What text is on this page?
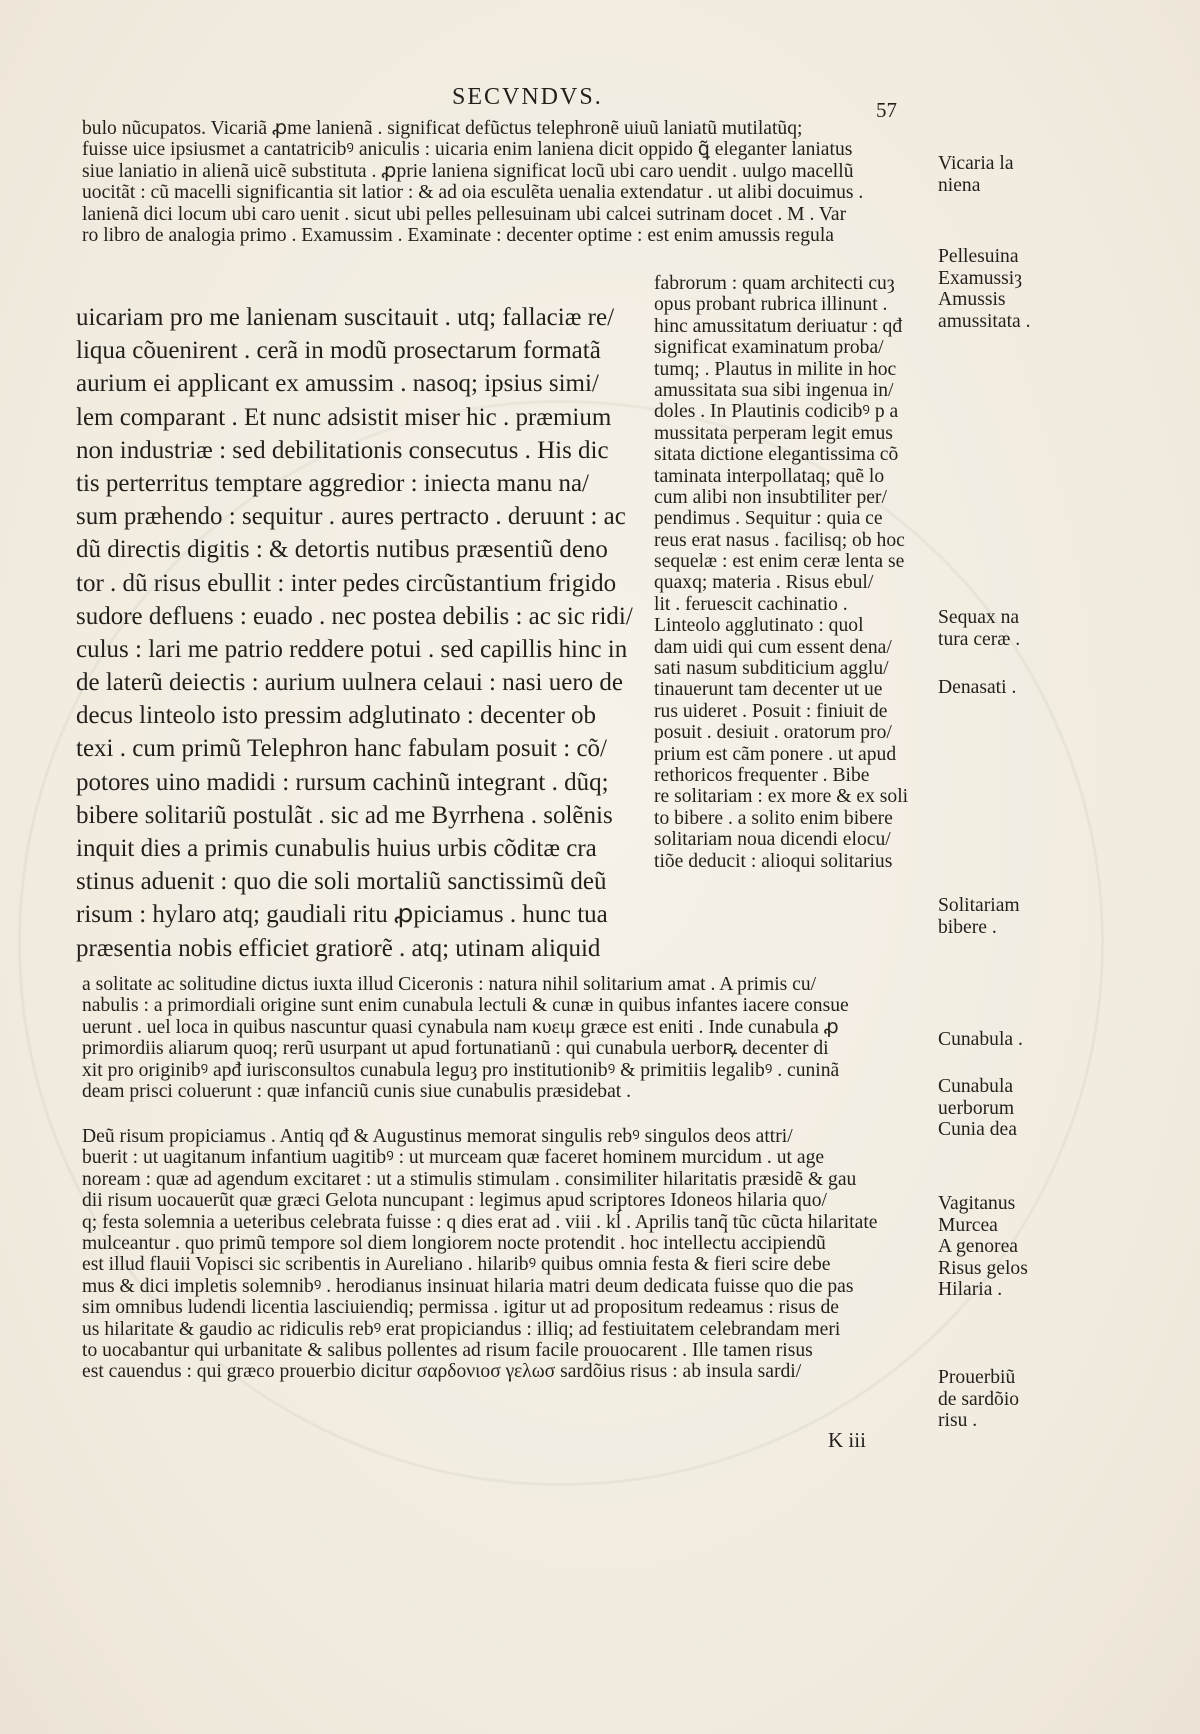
SECVNDVS.	57
bulo nũcupatos. Vicariã ꝓme lanienã . significat defũctus telephronẽ uiuũ laniatũ mutilatũq;
fuisse uice ipsiusmet a cantatricibꝰ aniculis : uicaria enim laniena dicit oppido ꝗ̃ eleganter laniatus
siue laniatio in alienã uicẽ substituta . ꝓprie laniena significat locũ ubi caro uendit . uulgo macellũ
uocitãt : cũ macelli significantia sit latior : & ad oia esculẽta uenalia extendatur . ut alibi docuimus .
lanienã dici locum ubi caro uenit . sicut ubi pelles pellesuinam ubi calcei sutrinam docet . M . Var
ro libro de analogia primo . Examussim . Examinate : decenter optime : est enim amussis regula
uicariam pro me lanienam suscitauit . utq; fallaciæ re/
liqua cõuenirent . cerã in modũ prosectarum formatã
aurium ei applicant ex amussim . nasoq; ipsius simi/
lem comparant . Et nunc adsistit miser hic . præmium
non industriæ : sed debilitationis consecutus . His dic
tis perterritus temptare aggredior : iniecta manu na/
sum præhendo : sequitur . aures pertracto . deruunt : ac
dũ directis digitis : & detortis nutibus præsentiũ deno
tor . dũ risus ebullit : inter pedes circũstantium frigido
sudore defluens : euado . nec postea debilis : ac sic ridi/
culus : lari me patrio reddere potui . sed capillis hinc in
de laterũ deiectis : aurium uulnera celaui : nasi uero de
decus linteolo isto pressim adglutinato : decenter ob
texi . cum primũ Telephron hanc fabulam posuit : cõ/
potores uino madidi : rursum cachinũ integrant . dũq;
bibere solitariũ postulãt . sic ad me Byrrhena . solẽnis
inquit dies a primis cunabulis huius urbis cõditæ cra
stinus aduenit : quo die soli mortaliũ sanctissimũ deũ
risum : hylaro atq; gaudiali ritu ꝓpiciamus . hunc tua
præsentia nobis efficiet gratiorẽ . atq; utinam aliquid
fabrorum : quam architecti cuȝ
opus probant rubrica illinunt .
hinc amussitatum deriuatur : qđ
significat examinatum proba/
tumq; . Plautus in milite in hoc
amussitata sua sibi ingenua in/
doles . In Plautinis codicibꝰ p a
mussitata perperam legit emus
sitata dictione elegantissima cõ
taminata interpollataq; quẽ lo
cum alibi non insubtiliter per/
pendimus . Sequitur : quia ce
reus erat nasus . facilisq; ob hoc
sequelæ : est enim ceræ lenta se
quaxq; materia . Risus ebul/
lit . feruescit cachinatio .
Linteolo agglutinato : quol
dam uidi qui cum essent dena/
sati nasum subditicium agglu/
tinauerunt tam decenter ut ue
rus uideret . Posuit : finiuit de
posuit . desiuit . oratorum pro/
prium est cãm ponere . ut apud
rethoricos frequenter . Bibe
re solitariam : ex more & ex soli
to bibere . a solito enim bibere
solitariam noua dicendi elocu/
tiõe deducit : alioqui solitarius
a solitate ac solitudine dictus iuxta illud Ciceronis : natura nihil solitarium amat . A primis cu/
nabulis : a primordiali origine sunt enim cunabula lectuli & cunæ in quibus infantes iacere consue
uerunt . uel loca in quibus nascuntur quasi cynabula nam κυειμ græce est eniti . Inde cunabula ꝓ
primordiis aliarum quoq; rerũ usurpant ut apud fortunatianũ : qui cunabula uerborꝶ decenter di
xit pro originibꝰ apđ iurisconsultos cunabula leguȝ pro institutionibꝰ & primitiis legalibꝰ . cuninã
deam prisci coluerunt : quæ infanciũ cunis siue cunabulis præsidebat .
Deũ risum propiciamus . Antiq qđ & Augustinus memorat singulis rebꝰ singulos deos attri/
buerit : ut uagitanum infantium uagitibꝰ : ut murceam quæ faceret hominem murcidum . ut age
noream : quæ ad agendum excitaret : ut a stimulis stimulam . consimiliter hilaritatis præsidẽ & gau
dii risum uocauerũt quæ græci Gelota nuncupant : legimus apud scriptores Idoneos hilaria quo/
q; festa solemnia a ueteribus celebrata fuisse : q dies erat ad . viii . kĺ . Aprilis tanq̃ tũc cũcta hilaritate
mulceantur . quo primũ tempore sol diem longiorem nocte protendit . hoc intellectu accipiendũ
est illud flauii Vopisci sic scribentis in Aureliano . hilaribꝰ quibus omnia festa & fieri scire debe
mus & dici impletis solemnibꝰ . herodianus insinuat hilaria matri deum dedicata fuisse quo die pas
sim omnibus ludendi licentia lasciuiendiq; permissa . igitur ut ad propositum redeamus : risus de
us hilaritate & gaudio ac ridiculis rebꝰ erat propiciandus : illiq; ad festiuitatem celebrandam meri
to uocabantur qui urbanitate & salibus pollentes ad risum facile prouocarent . Ille tamen risus
est cauendus : qui græco prouerbio dicitur σαρδονιοσ γελωσ sardõius risus : ab insula sardi/
Vicaria la
niena
Pellesuina
Examussiȝ
Amussis
amussitata .
Sequax na
tura ceræ .
Denasati .
Solitariam
bibere .
Cunabula .
Cunabula
uerborum
Cunia dea
Vagitanus
Murcea
A genorea
Risus gelos
Hilaria .
Prouerbiũ
de sardõio
risu .
K iii
